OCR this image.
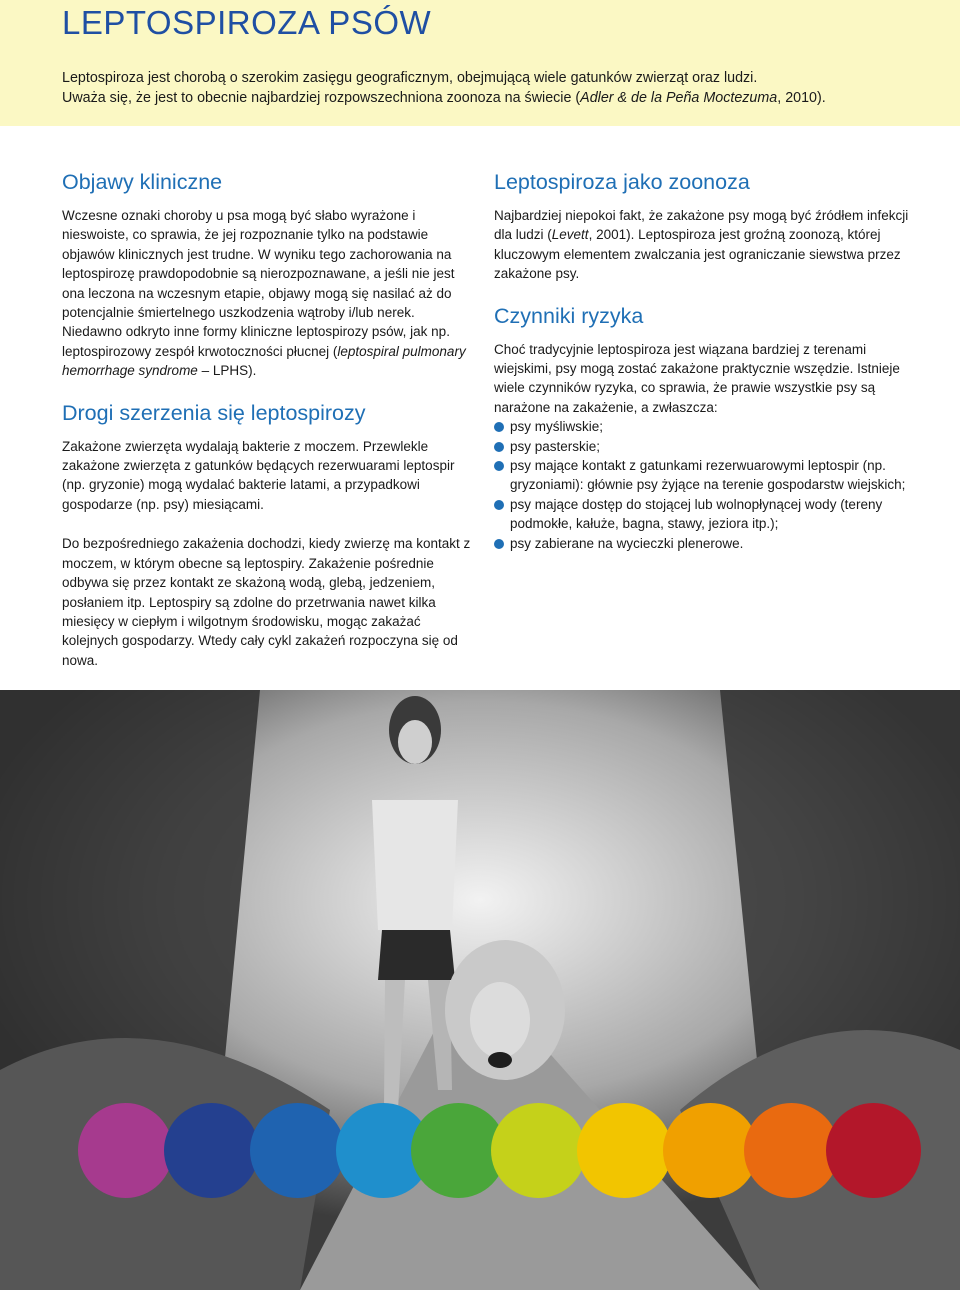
LEPTOSPIROZA PSÓW

Leptospiroza jest chorobą o szerokim zasięgu geograficznym, obejmującą wiele gatunków zwierząt oraz ludzi.

Uważa się, że jest to obecnie najbardziej rozpowszechniona zoonoza na świecie (Adler & de la Peña Moctezuma, 2010).

Objawy kliniczne

Wczesne oznaki choroby u psa mogą być słabo wyrażone i nieswoiste, co sprawia, że jej rozpoznanie tylko na podstawie objawów klinicznych jest trudne. W wyniku tego zachorowania na leptospirozę prawdopodobnie są nierozpoznawane, a jeśli nie jest ona leczona na wczesnym etapie, objawy mogą się nasilać aż do potencjalnie śmiertelnego uszkodzenia wątroby i/lub nerek. Niedawno odkryto inne formy kliniczne leptospirozy psów, jak np. leptospirozowy zespół krwotoczności płucnej (leptospiral pulmonary hemorrhage syndrome – LPHS).

Drogi szerzenia się leptospirozy

Zakażone zwierzęta wydalają bakterie z moczem. Przewlekle zakażone zwierzęta z gatunków będących rezerwuarami leptospir (np. gryzonie) mogą wydalać bakterie latami, a przypadkowi gospodarze (np. psy) miesiącami.

Do bezpośredniego zakażenia dochodzi, kiedy zwierzę ma kontakt z moczem, w którym obecne są leptospiry. Zakażenie pośrednie odbywa się przez kontakt ze skażoną wodą, glebą, jedzeniem, posłaniem itp. Leptospiry są zdolne do przetrwania nawet kilka miesięcy w ciepłym i wilgotnym środowisku, mogąc zakażać kolejnych gospodarzy. Wtedy cały cykl zakażeń rozpoczyna się od nowa.

Leptospiroza jako zoonoza

Najbardziej niepokoi fakt, że zakażone psy mogą być źródłem infekcji dla ludzi (Levett, 2001). Leptospiroza jest groźną zoonozą, której kluczowym elementem zwalczania jest ograniczanie siewstwa przez zakażone psy.

Czynniki ryzyka

Choć tradycyjnie leptospiroza jest wiązana bardziej z terenami wiejskimi, psy mogą zostać zakażone praktycznie wszędzie. Istnieje wiele czynników ryzyka, co sprawia, że prawie wszystkie psy są narażone na zakażenie, a zwłaszcza:

psy myśliwskie;
psy pasterskie;
psy mające kontakt z gatunkami rezerwuarowymi leptospir (np. gryzoniami): głównie psy żyjące na terenie gospodarstw wiejskich;
psy mające dostęp do stojącej lub wolnopłynącej wody (tereny podmokłe, kałuże, bagna, stawy, jeziora itp.);
psy zabierane na wycieczki plenerowe.
